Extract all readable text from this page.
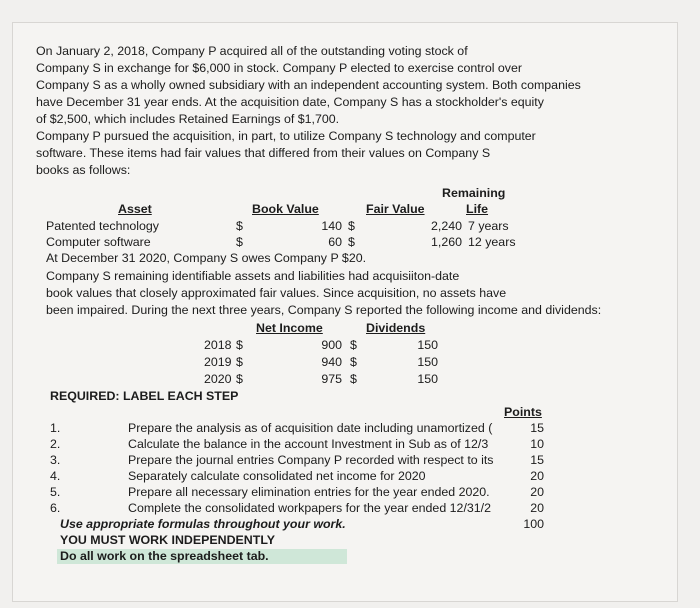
On January 2, 2018, Company P acquired all of the outstanding voting stock of
Company S in exchange for $6,000 in stock. Company P elected to exercise control over
Company S as a wholly owned subsidiary with an independent accounting system. Both companies
have December 31 year ends. At the acquisition date, Company S has a stockholder's equity
of $2,500, which includes Retained Earnings of $1,700.
Company P pursued the acquisition, in part, to utilize Company S technology and computer
software. These items had fair values that differed from their values on Company S
books as follows:
Remaining
Asset	Book Value	Fair Value	Life
Patented technology	$	140 $	2,240 7 years
Computer software	$	60 $	1,260 12 years
At December 31 2020, Company S owes Company P $20.
Company S remaining identifiable assets and liabilities had acquisiiton-date
book values that closely approximated fair values. Since acquisition, no assets have
been impaired. During the next three years, Company S reported the following income and dividends:
Net Income	Dividends
2018 $	900 $	150
2019 $	940 $	150
2020 $	975 $	150
REQUIRED: LABEL EACH STEP
Points
1.	Prepare the analysis as of acquisition date including unamortized (	15
2.	Calculate the balance in the account Investment in Sub as of 12/3	10
3.	Prepare the journal entries Company P recorded with respect to its	15
4.	Separately calculate consolidated net income for 2020	20
5.	Prepare all necessary elimination entries for the year ended 2020.	20
6.	Complete the consolidated workpapers for the year ended 12/31/2	20
100
Use appropriate formulas throughout your work.
YOU MUST WORK INDEPENDENTLY
Do all work on the spreadsheet tab.
